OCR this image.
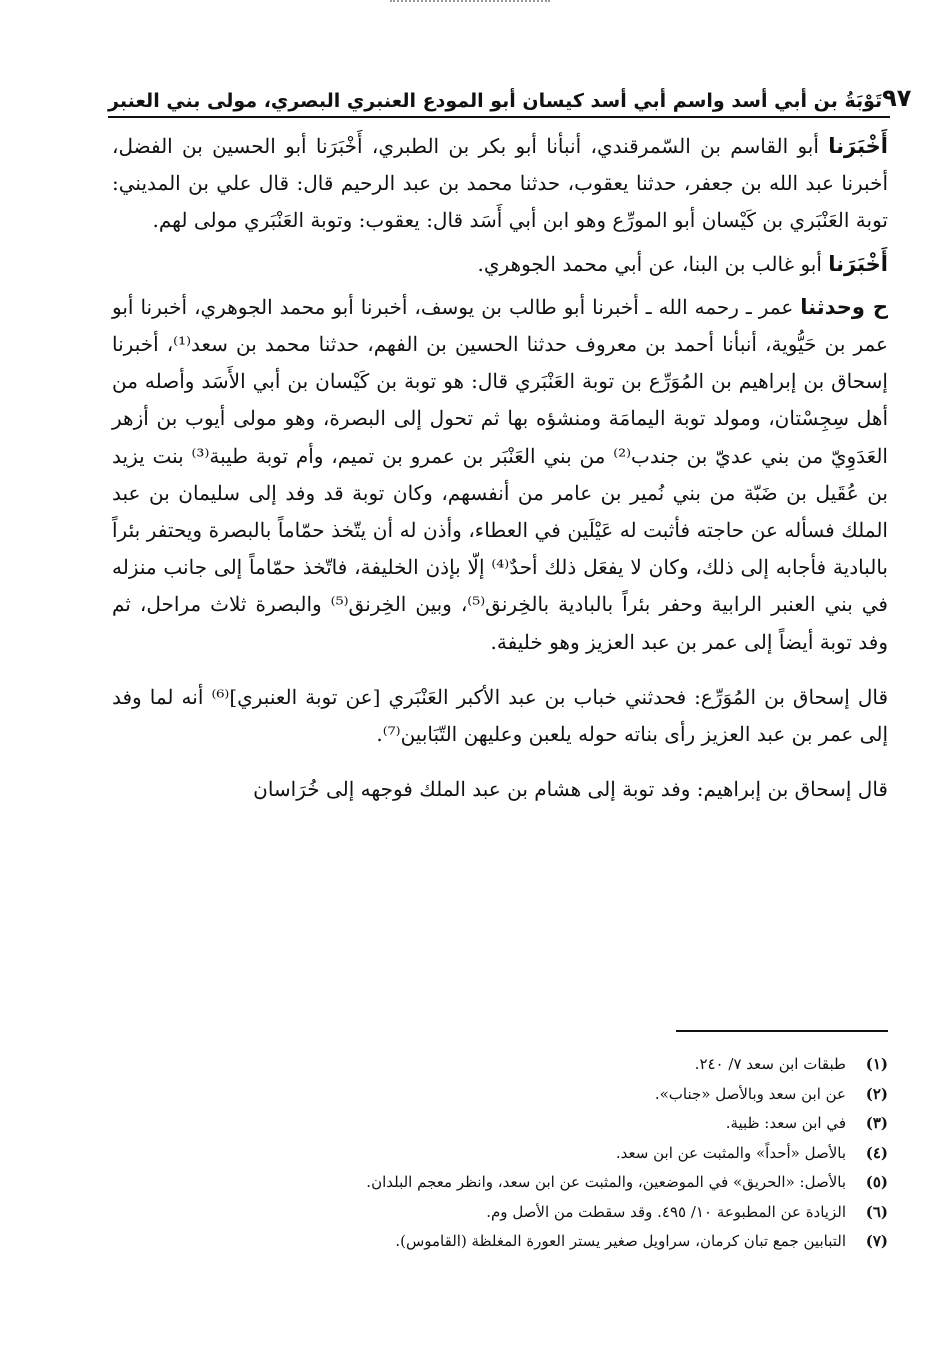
تَوْبَةُ بن أبي أسد واسم أبي أسد كيسان أبو المودع العنبري البصري، مولى بني العنبر ٩٧

أَخْبَرَنا أبو القاسم بن السّمرقندي، أنبأنا أبو بكر بن الطبري، أَخْبَرَنا أبو الحسين بن الفضل، أخبرنا عبد الله بن جعفر، حدثنا يعقوب، حدثنا محمد بن عبد الرحيم قال: قال علي بن المديني: توبة العَنْبَري بن كَيْسان أبو المورِّع وهو ابن أبي أَسَد قال: يعقوب: وتوبة العَنْبَري مولى لهم.

أَخْبَرَنا أبو غالب بن البنا، عن أبي محمد الجوهري.

ح وحدثنا عمر ـ رحمه الله ـ أخبرنا أبو طالب بن يوسف، أخبرنا أبو محمد الجوهري، أخبرنا أبو عمر بن حَيُّوية، أنبأنا أحمد بن معروف حدثنا الحسين بن الفهم، حدثنا محمد بن سعد⁽¹⁾، أخبرنا إسحاق بن إبراهيم بن المُوَرِّع بن توبة العَنْبَري قال: هو توبة بن كَيْسان بن أبي الأَسَد وأصله من أهل سِجِسْتان، ومولد توبة اليمامَة ومنشؤه بها ثم تحول إلى البصرة، وهو مولى أيوب بن أزهر العَدَوِيّ من بني عديّ بن جندب⁽²⁾ من بني العَنْبَر بن عمرو بن تميم، وأم توبة طيبة⁽³⁾ بنت يزيد بن عُقَيل بن ضَبّة من بني نُمير بن عامر من أنفسهم، وكان توبة قد وفد إلى سليمان بن عبد الملك فسأله عن حاجته فأثبت له عَيْلَين في العطاء، وأذن له أن يتّخذ حمّاماً بالبصرة ويحتفر بئراً بالبادية فأجابه إلى ذلك، وكان لا يفعَل ذلك أحدٌ⁽⁴⁾ إلّا بإذن الخليفة، فاتّخذ حمّاماً إلى جانب منزله في بني العنبر الرابية وحفر بئراً بالبادية بالخِرنق⁽⁵⁾، وبين الخِرنق⁽⁵⁾ والبصرة ثلاث مراحل، ثم وفد توبة أيضاً إلى عمر بن عبد العزيز وهو خليفة.

قال إسحاق بن المُوَرِّع: فحدثني خباب بن عبد الأكبر العَنْبَري [عن توبة العنبري]⁽⁶⁾ أنه لما وفد إلى عمر بن عبد العزيز رأى بناته حوله يلعبن وعليهن التّبَابين⁽⁷⁾.

قال إسحاق بن إبراهيم: وفد توبة إلى هشام بن عبد الملك فوجهه إلى خُرَاسان

(١)
طبقات ابن سعد ٧/ ٢٤٠.
(٢)
عن ابن سعد وبالأصل «جناب».
(٣)
في ابن سعد: ظبية.
(٤)
بالأصل «أحداً» والمثبت عن ابن سعد.
(٥)
بالأصل: «الحريق» في الموضعين، والمثبت عن ابن سعد، وانظر معجم البلدان.
(٦)
الزيادة عن المطبوعة ١٠/ ٤٩٥. وقد سقطت من الأصل وم.
(٧)
التبابين جمع تبان كرمان، سراويل صغير يستر العورة المغلظة (القاموس).
